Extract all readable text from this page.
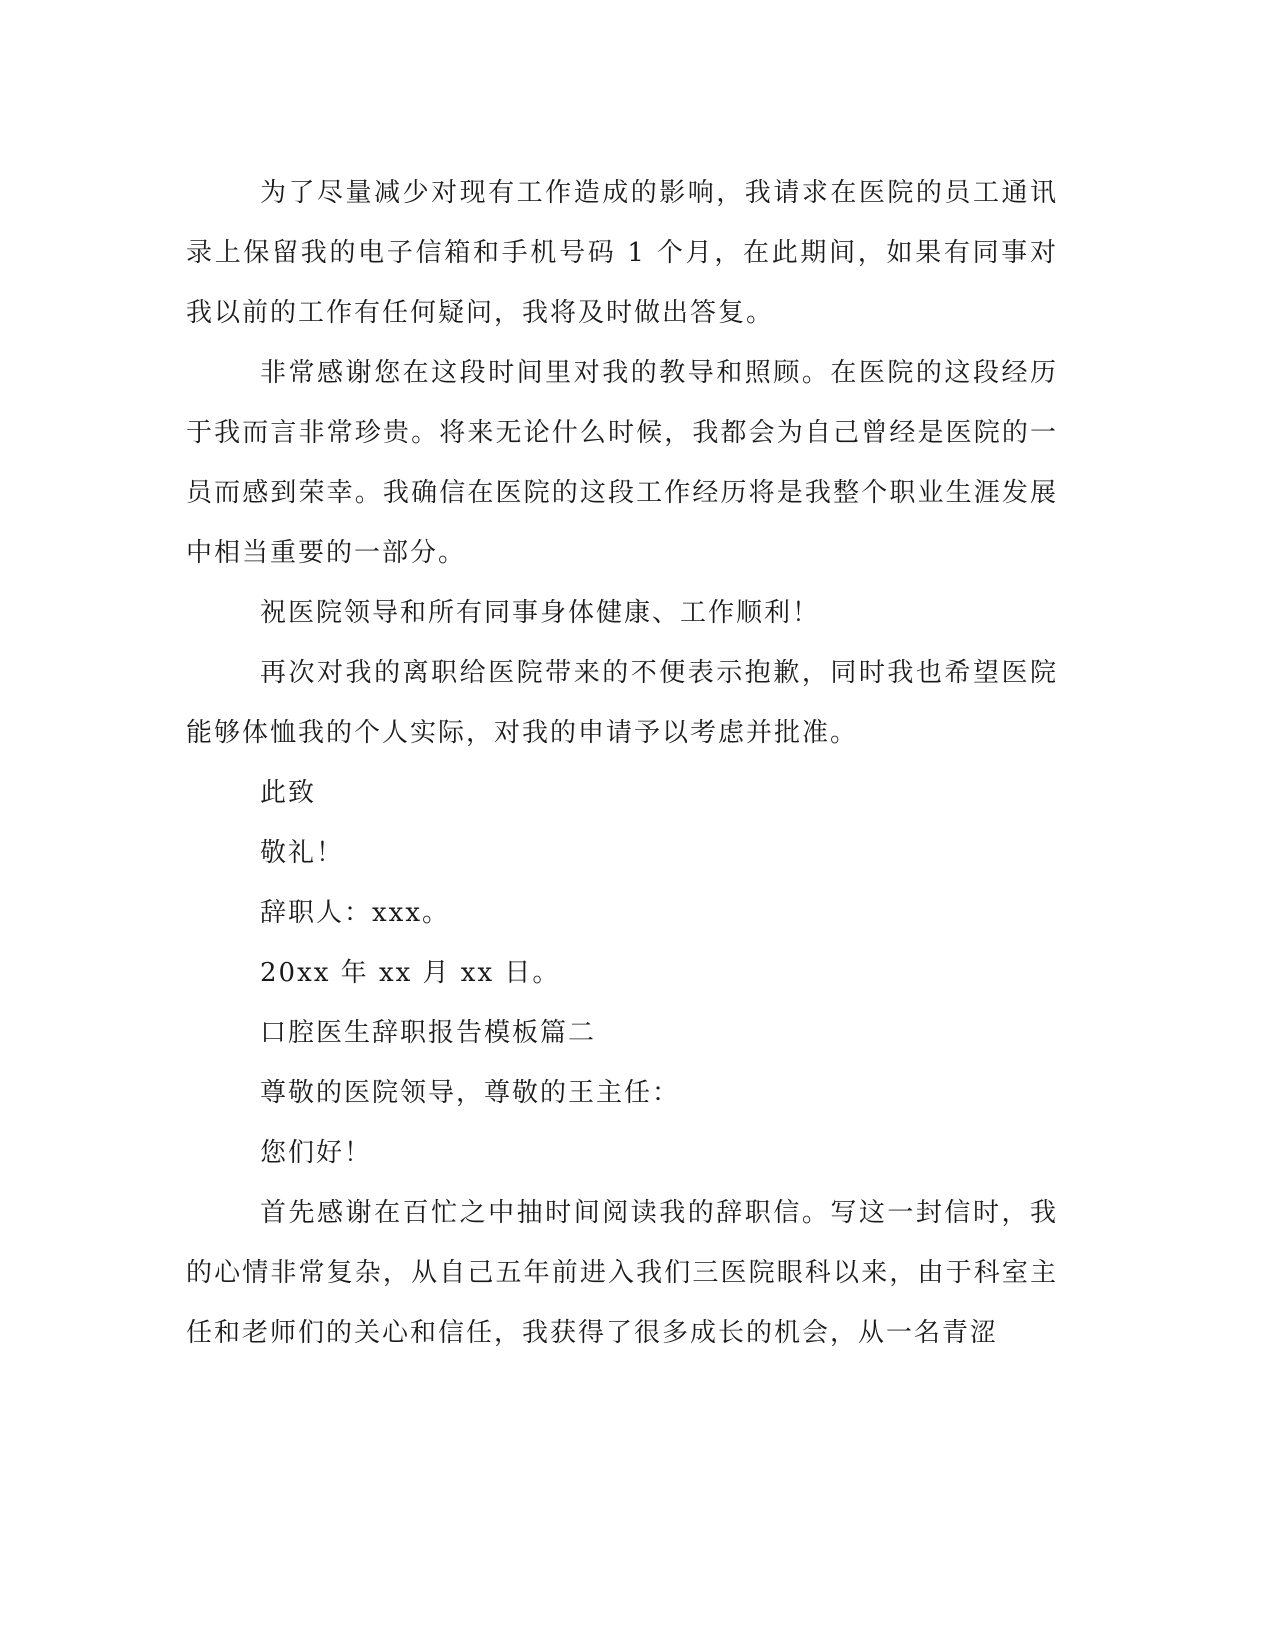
为了尽量减少对现有工作造成的影响，我请求在医院的员工通讯录上保留我的电子信箱和手机号码 1 个月，在此期间，如果有同事对我以前的工作有任何疑问，我将及时做出答复。

非常感谢您在这段时间里对我的教导和照顾。在医院的这段经历于我而言非常珍贵。将来无论什么时候，我都会为自己曾经是医院的一员而感到荣幸。我确信在医院的这段工作经历将是我整个职业生涯发展中相当重要的一部分。

祝医院领导和所有同事身体健康、工作顺利！

再次对我的离职给医院带来的不便表示抱歉，同时我也希望医院能够体恤我的个人实际，对我的申请予以考虑并批准。

此致

敬礼！

辞职人：xxx。

20xx 年 xx 月 xx 日。

口腔医生辞职报告模板篇二

尊敬的医院领导，尊敬的王主任：

您们好！

首先感谢在百忙之中抽时间阅读我的辞职信。写这一封信时，我的心情非常复杂，从自己五年前进入我们三医院眼科以来，由于科室主任和老师们的关心和信任，我获得了很多成长的机会，从一名青涩
